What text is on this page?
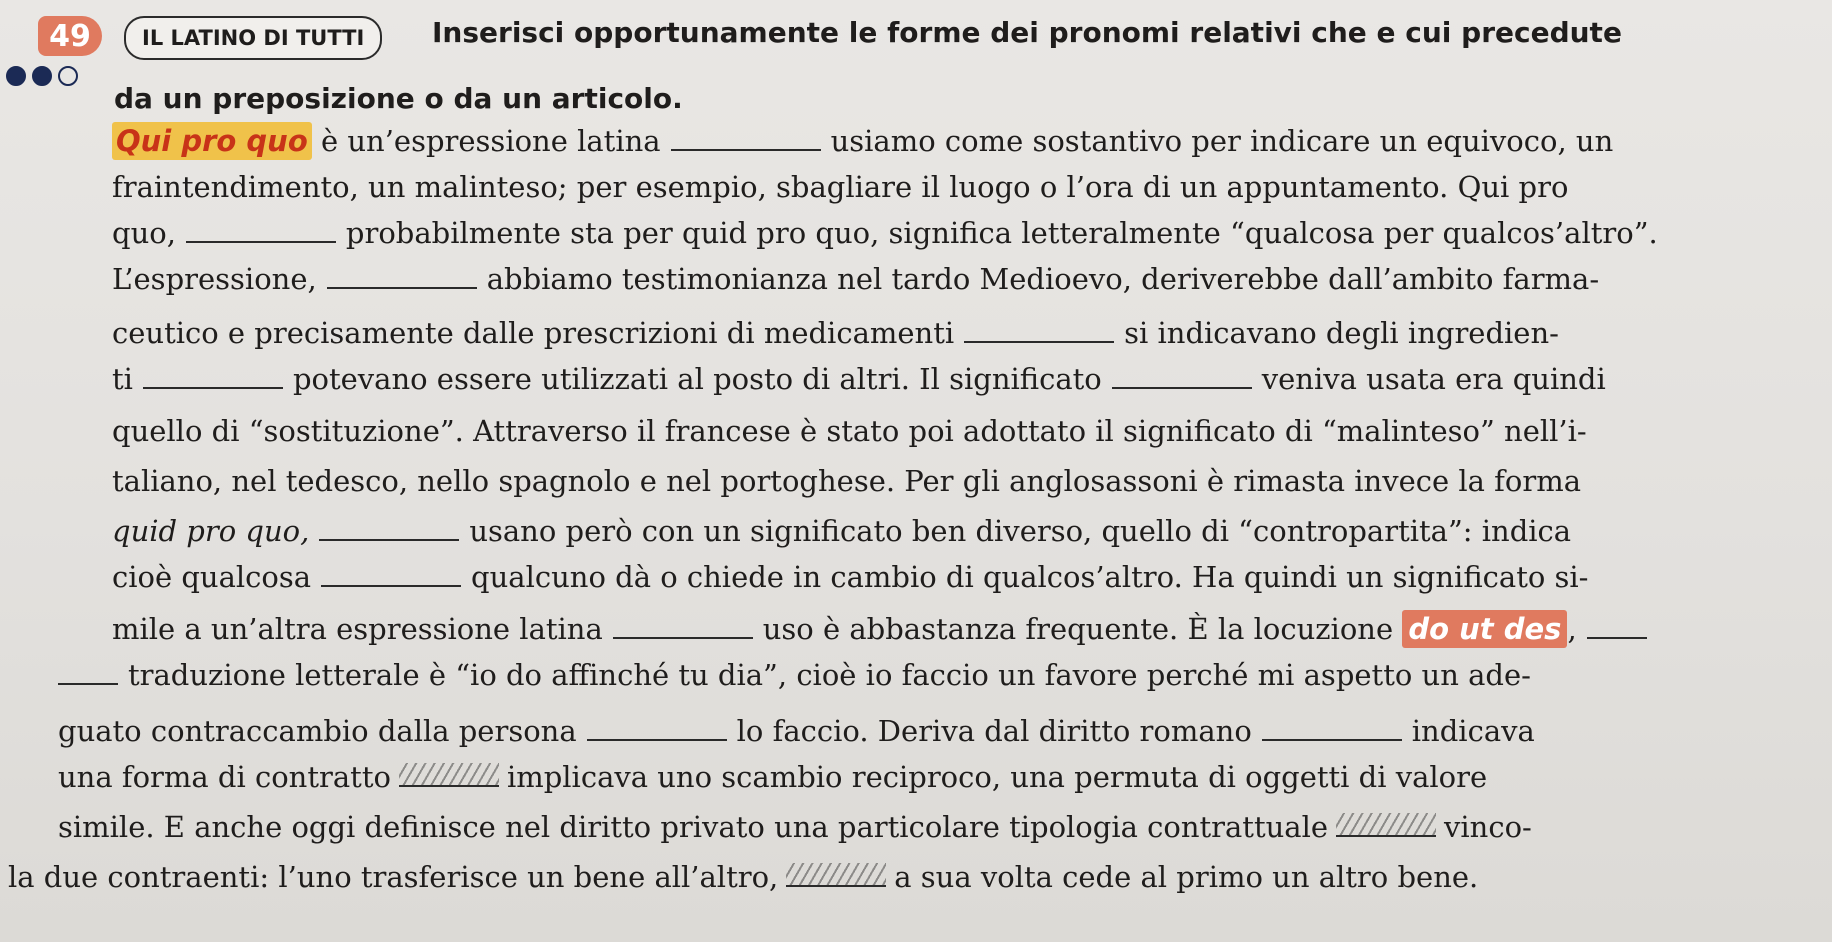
49	IL LATINO DI TUTTI	Inserisci opportunamente le forme dei pronomi relativi che e cui precedute
da un preposizione o da un articolo.
Qui pro quo è un’espressione latina	usiamo come sostantivo per indicare un equivoco, un
fraintendimento, un malinteso; per esempio, sbagliare il luogo o l’ora di un appuntamento. Qui pro
quo,	probabilmente sta per quid pro quo, significa letteralmente “qualcosa per qualcos’altro”.
L’espressione,	abbiamo testimonianza nel tardo Medioevo, deriverebbe dall’ambito farma-
ceutico e precisamente dalle prescrizioni di medicamenti	si indicavano degli ingredien-
ti	potevano essere utilizzati al posto di altri. Il significato	veniva usata era quindi
quello di “sostituzione”. Attraverso il francese è stato poi adottato il significato di “malinteso” nell’i-
taliano, nel tedesco, nello spagnolo e nel portoghese. Per gli anglosassoni è rimasta invece la forma
quid pro quo,	usano però con un significato ben diverso, quello di “contropartita”: indica
cioè qualcosa	qualcuno dà o chiede in cambio di qualcos’altro. Ha quindi un significato si-
mile a un’altra espressione latina	uso è abbastanza frequente. È la locuzione do ut des ,
traduzione letterale è “io do affinché tu dia”, cioè io faccio un favore perché mi aspetto un ade-
guato contraccambio dalla persona	lo faccio. Deriva dal diritto romano	indicava
una forma di contratto	implicava uno scambio reciproco, una permuta di oggetti di valore
simile. E anche oggi definisce nel diritto privato una particolare tipologia contrattuale	vinco-
la due contraenti: l’uno trasferisce un bene all’altro,	a sua volta cede al primo un altro bene.
